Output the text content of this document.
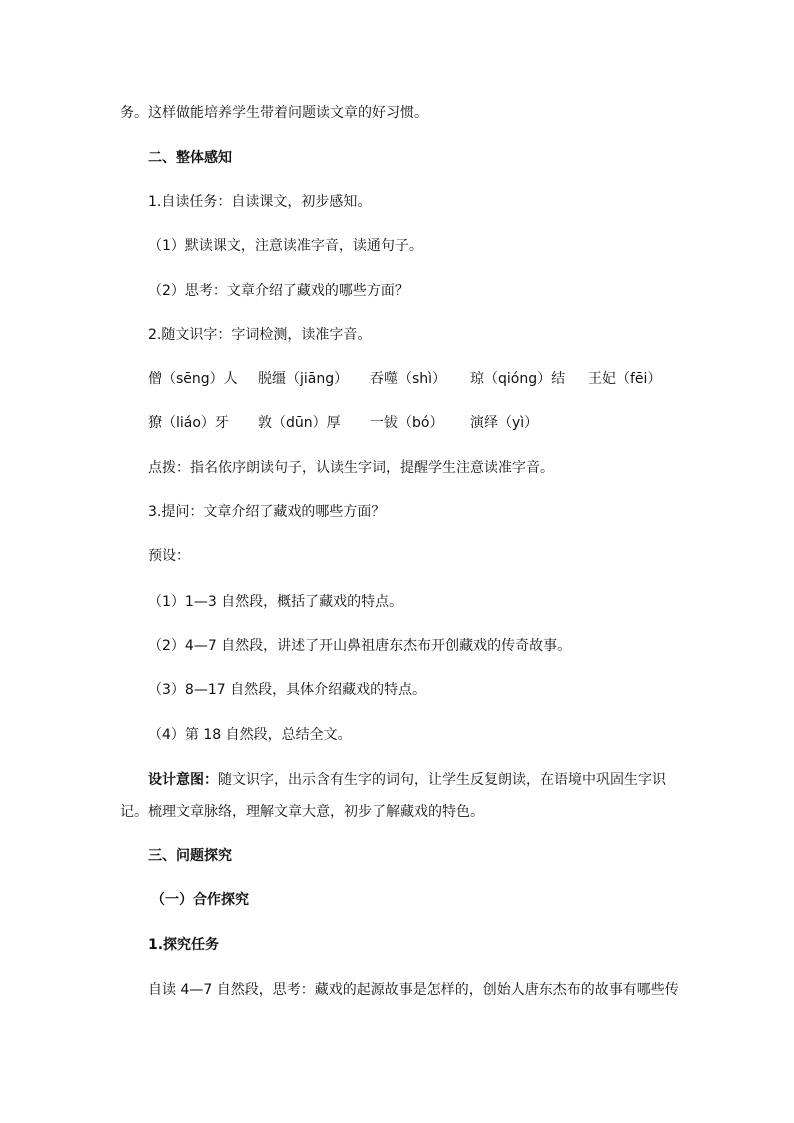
务。这样做能培养学生带着问题读文章的好习惯。
二、整体感知
1.自读任务：自读课文，初步感知。
（1）默读课文，注意读准字音，读通句子。
（2）思考：文章介绍了藏戏的哪些方面？
2.随文识字：字词检测，读准字音。
僧（sēng）人 脱缰（jiāng） 吞噬（shì） 琼（qióng）结 王妃（fēi）
獠（liáo）牙 敦（dūn）厚 一钹（bó） 演绎（yì）
点拨：指名依序朗读句子，认读生字词，提醒学生注意读准字音。
3.提问：文章介绍了藏戏的哪些方面？
预设：
（1）1—3 自然段，概括了藏戏的特点。
（2）4—7 自然段，讲述了开山鼻祖唐东杰布开创藏戏的传奇故事。
（3）8—17 自然段，具体介绍藏戏的特点。
（4）第 18 自然段，总结全文。
设计意图：随文识字，出示含有生字的词句，让学生反复朗读，在语境中巩固生字识
记。梳理文章脉络，理解文章大意，初步了解藏戏的特色。
三、问题探究
（一）合作探究
1.探究任务
自读 4—7 自然段，思考：藏戏的起源故事是怎样的，创始人唐东杰布的故事有哪些传
